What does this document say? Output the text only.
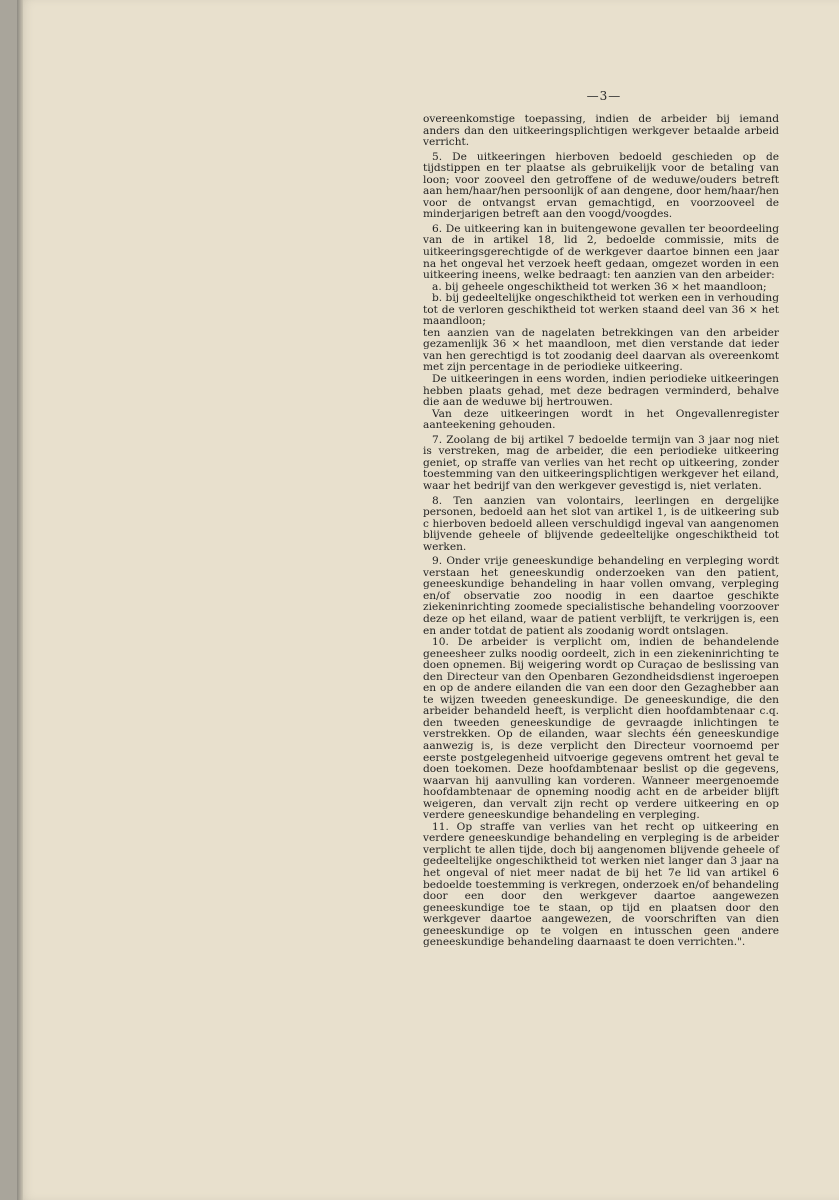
—3—

overeenkomstige toepassing, indien de arbeider bij iemand anders dan den uitkeeringsplichtigen werkgever betaalde arbeid verricht.

5. De uitkeeringen hierboven bedoeld geschieden op de tijdstippen en ter plaatse als gebruikelijk voor de betaling van loon; voor zooveel den getroffene of de weduwe/ouders betreft aan hem/haar/hen persoonlijk of aan dengene, door hem/haar/hen voor de ontvangst ervan gemachtigd, en voorzooveel de minderjarigen betreft aan den voogd/voogdes.

6. De uitkeering kan in buitengewone gevallen ter beoordeeling van de in artikel 18, lid 2, bedoelde commissie, mits de uitkeeringsgerechtigde of de werkgever daartoe binnen een jaar na het ongeval het verzoek heeft gedaan, omgezet worden in een uitkeering ineens, welke bedraagt: ten aanzien van den arbeider:

a. bij geheele ongeschiktheid tot werken 36 × het maandloon;

b. bij gedeeltelijke ongeschiktheid tot werken een in verhouding tot de verloren geschiktheid tot werken staand deel van 36 × het maandloon;

ten aanzien van de nagelaten betrekkingen van den arbeider gezamenlijk 36 × het maandloon, met dien verstande dat ieder van hen gerechtigd is tot zoodanig deel daarvan als overeenkomt met zijn percentage in de periodieke uitkeering.

De uitkeeringen in eens worden, indien periodieke uitkeeringen hebben plaats gehad, met deze bedragen verminderd, behalve die aan de weduwe bij hertrouwen.

Van deze uitkeeringen wordt in het Ongevallenregister aanteekening gehouden.

7. Zoolang de bij artikel 7 bedoelde termijn van 3 jaar nog niet is verstreken, mag de arbeider, die een periodieke uitkeering geniet, op straffe van verlies van het recht op uitkeering, zonder toestemming van den uitkeeringsplichtigen werkgever het eiland, waar het bedrijf van den werkgever gevestigd is, niet verlaten.

8. Ten aanzien van volontairs, leerlingen en dergelijke personen, bedoeld aan het slot van artikel 1, is de uitkeering sub c hierboven bedoeld alleen verschuldigd ingeval van aangenomen blijvende geheele of blijvende gedeeltelijke ongeschiktheid tot werken.

9. Onder vrije geneeskundige behandeling en verpleging wordt verstaan het geneeskundig onderzoeken van den patient, geneeskundige behandeling in haar vollen omvang, verpleging en/of observatie zoo noodig in een daartoe geschikte ziekeninrichting zoomede specialistische behandeling voorzoover deze op het eiland, waar de patient verblijft, te verkrijgen is, een en ander totdat de patient als zoodanig wordt ontslagen.

10. De arbeider is verplicht om, indien de behandelende geneesheer zulks noodig oordeelt, zich in een ziekeninrichting te doen opnemen. Bij weigering wordt op Curaçao de beslissing van den Directeur van den Openbaren Gezondheidsdienst ingeroepen en op de andere eilanden die van een door den Gezaghebber aan te wijzen tweeden geneeskundige. De geneeskundige, die den arbeider behandeld heeft, is verplicht dien hoofdambtenaar c.q. den tweeden geneeskundige de gevraagde inlichtingen te verstrekken. Op de eilanden, waar slechts één geneeskundige aanwezig is, is deze verplicht den Directeur voornoemd per eerste postgelegenheid uitvoerige gegevens omtrent het geval te doen toekomen. Deze hoofdambtenaar beslist op die gegevens, waarvan hij aanvulling kan vorderen. Wanneer meergenoemde hoofdambtenaar de opneming noodig acht en de arbeider blijft weigeren, dan vervalt zijn recht op verdere uitkeering en op verdere geneeskundige behandeling en verpleging.

11. Op straffe van verlies van het recht op uitkeering en verdere geneeskundige behandeling en verpleging is de arbeider verplicht te allen tijde, doch bij aangenomen blijvende geheele of gedeeltelijke ongeschiktheid tot werken niet langer dan 3 jaar na het ongeval of niet meer nadat de bij het 7e lid van artikel 6 bedoelde toestemming is verkregen, onderzoek en/of behandeling door een door den werkgever daartoe aangewezen geneeskundige toe te staan, op tijd en plaatsen door den werkgever daartoe aangewezen, de voorschriften van dien geneeskundige op te volgen en intusschen geen andere geneeskundige behandeling daarnaast te doen verrichten.".
